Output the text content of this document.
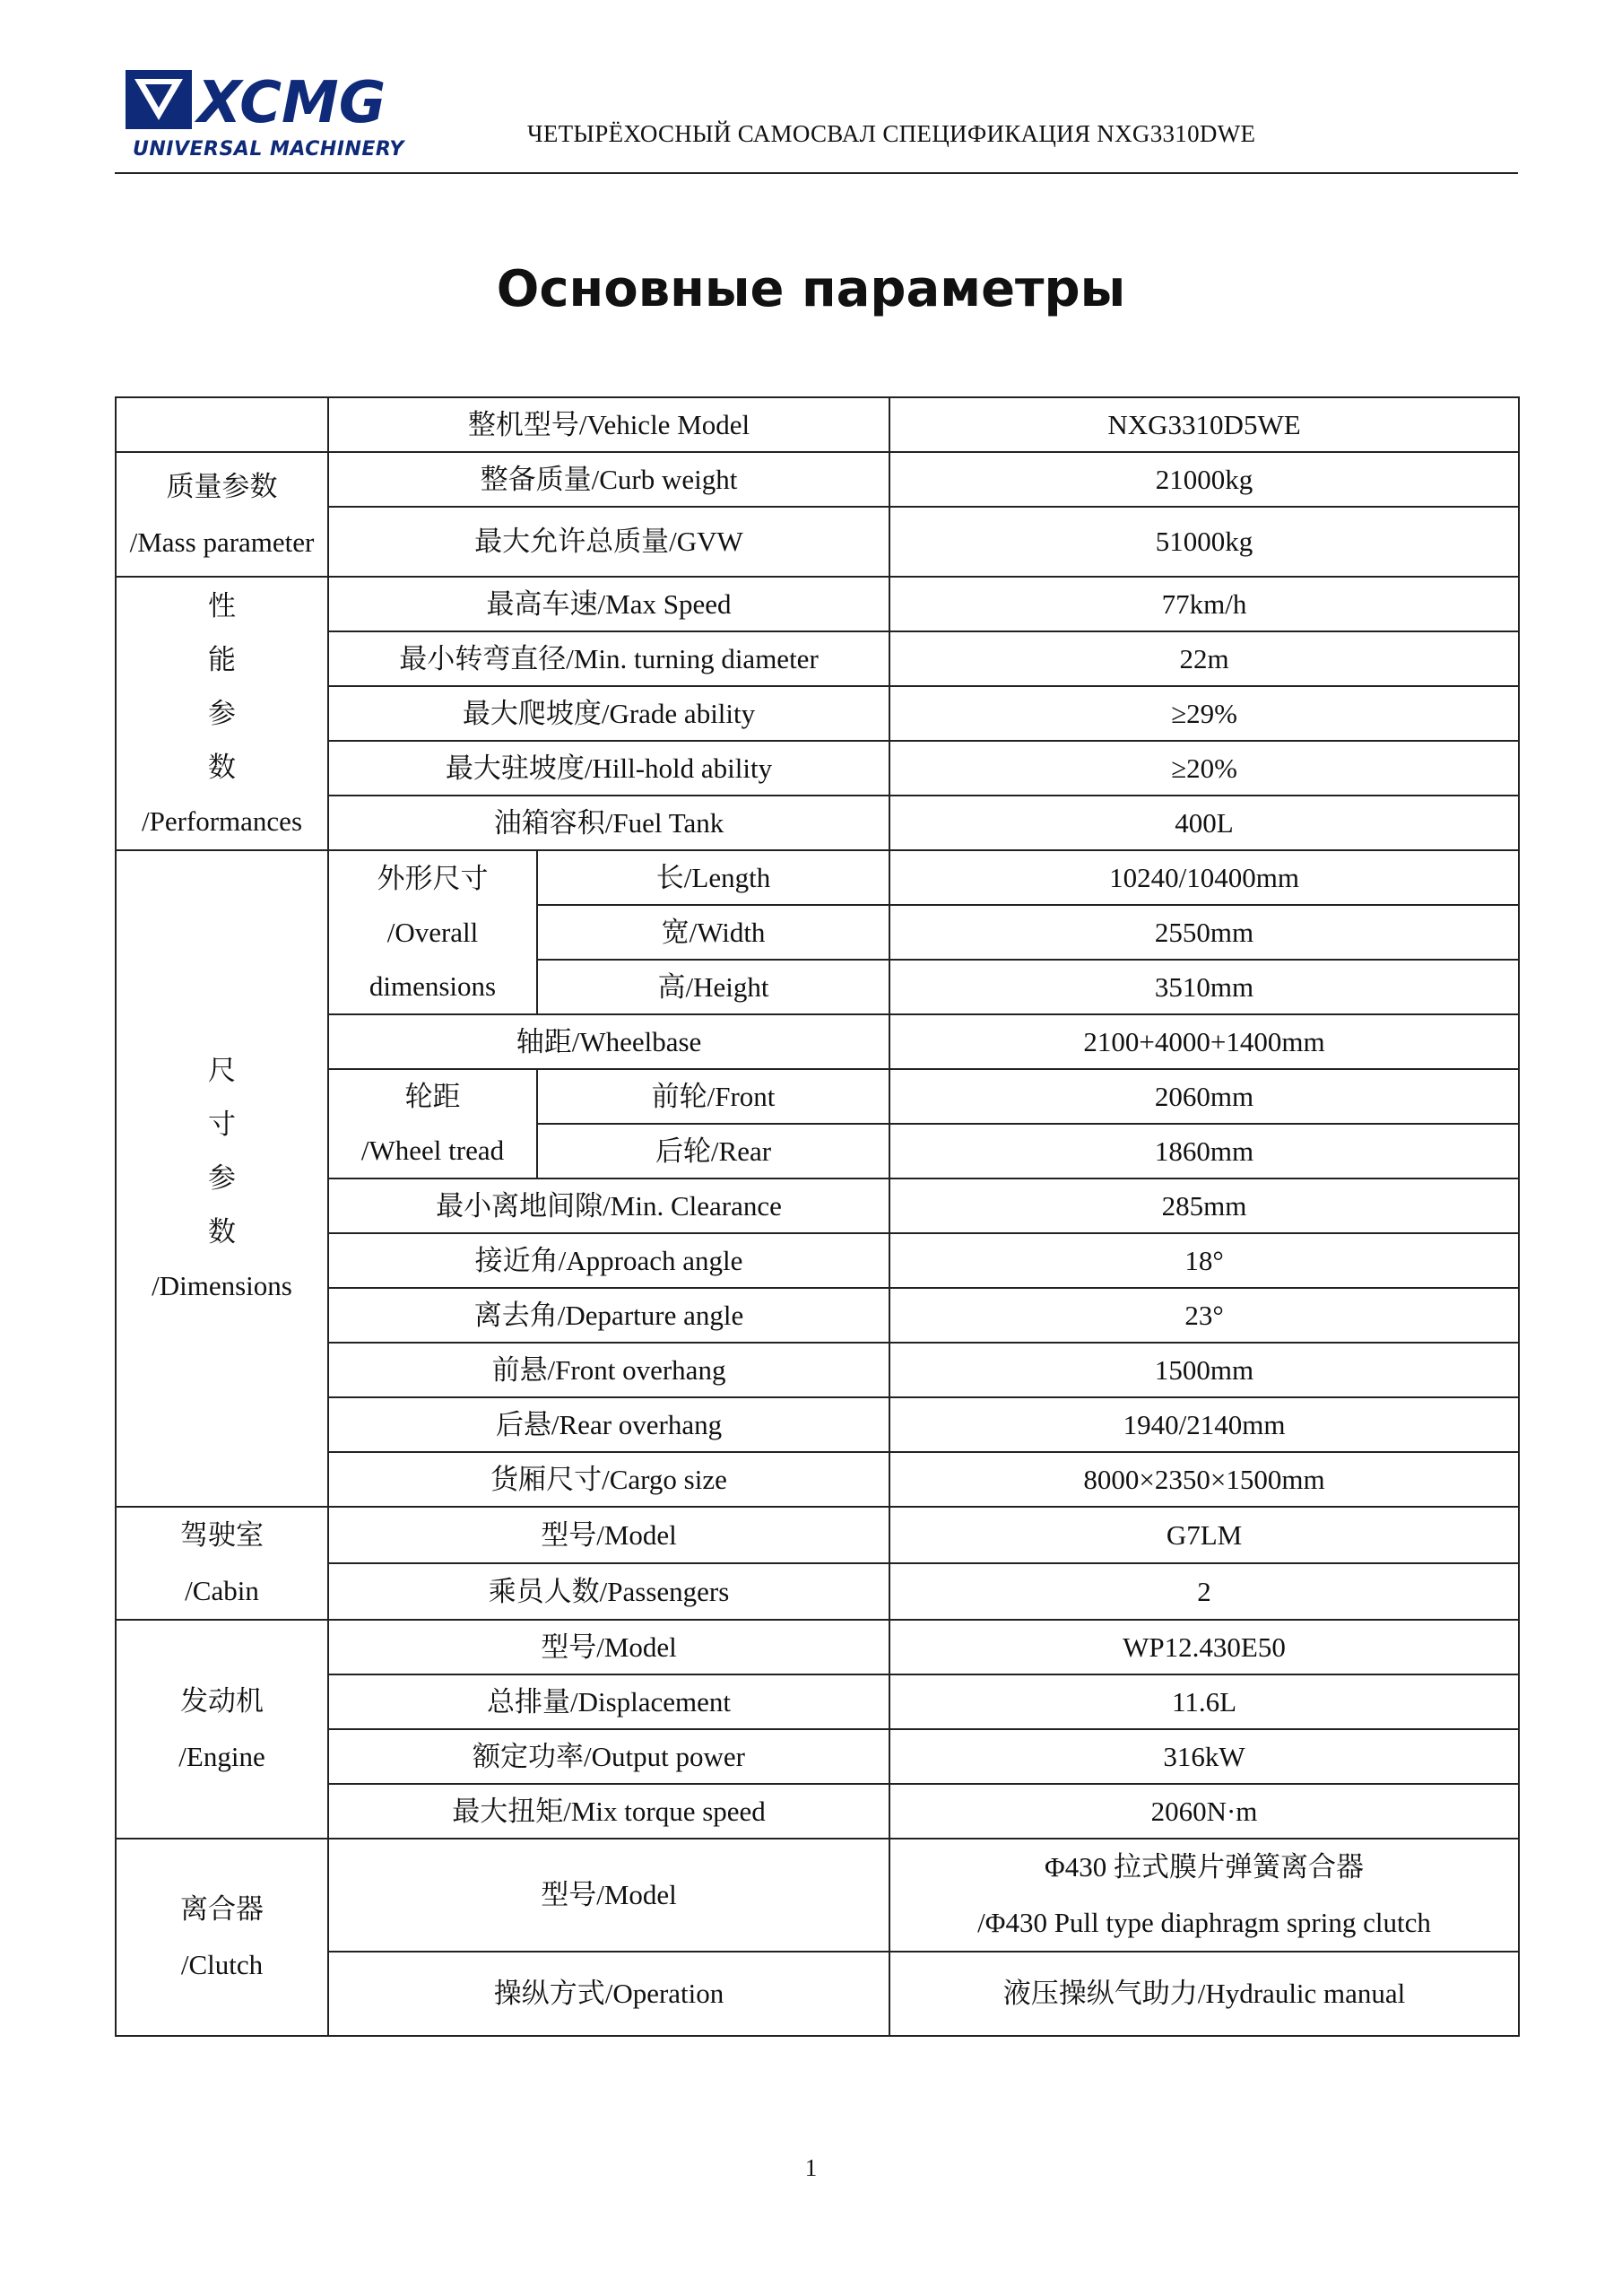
XCMG
UNIVERSAL MACHINERY
ЧЕТЫРЁХОСНЫЙ САМОСВАЛ СПЕЦИФИКАЦИЯ NXG3310DWE
Основные параметры
	整机型号/Vehicle Model		NXG3310D5WE

质量参数
/Mass parameter	整备质量/Curb weight		21000kg
	最大允许总质量/GVW		51000kg

性
能
参
数
/Performances	最高车速/Max Speed		77km/h
	最小转弯直径/Min. turning diameter		22m
	最大爬坡度/Grade ability		≥29%
	最大驻坡度/Hill-hold ability		≥20%
	油箱容积/Fuel Tank		400L

尺
寸
参
数
/Dimensions	外形尺寸
/Overall
dimensions	长/Length	10240/10400mm
		宽/Width	2550mm
		高/Height	3510mm
	轴距/Wheelbase		2100+4000+1400mm

	轮距
/Wheel tread	前轮/Front	2060mm
		后轮/Rear	1860mm
	最小离地间隙/Min. Clearance		285mm
	接近角/Approach angle		18°
	离去角/Departure angle		23°
	前悬/Front overhang		1500mm
	后悬/Rear overhang		1940/2140mm
	货厢尺寸/Cargo size		8000×2350×1500mm

驾驶室
/Cabin	型号/Model		G7LM
	乘员人数/Passengers		2

发动机
/Engine	型号/Model		WP12.430E50
	总排量/Displacement		11.6L
	额定功率/Output power		316kW
	最大扭矩/Mix torque speed		2060N·m

离合器
/Clutch	型号/Model		Φ430 拉式膜片弹簧离合器
/Φ430 Pull type diaphragm spring clutch

	操纵方式/Operation		液压操纵气助力/Hydraulic manual
1
